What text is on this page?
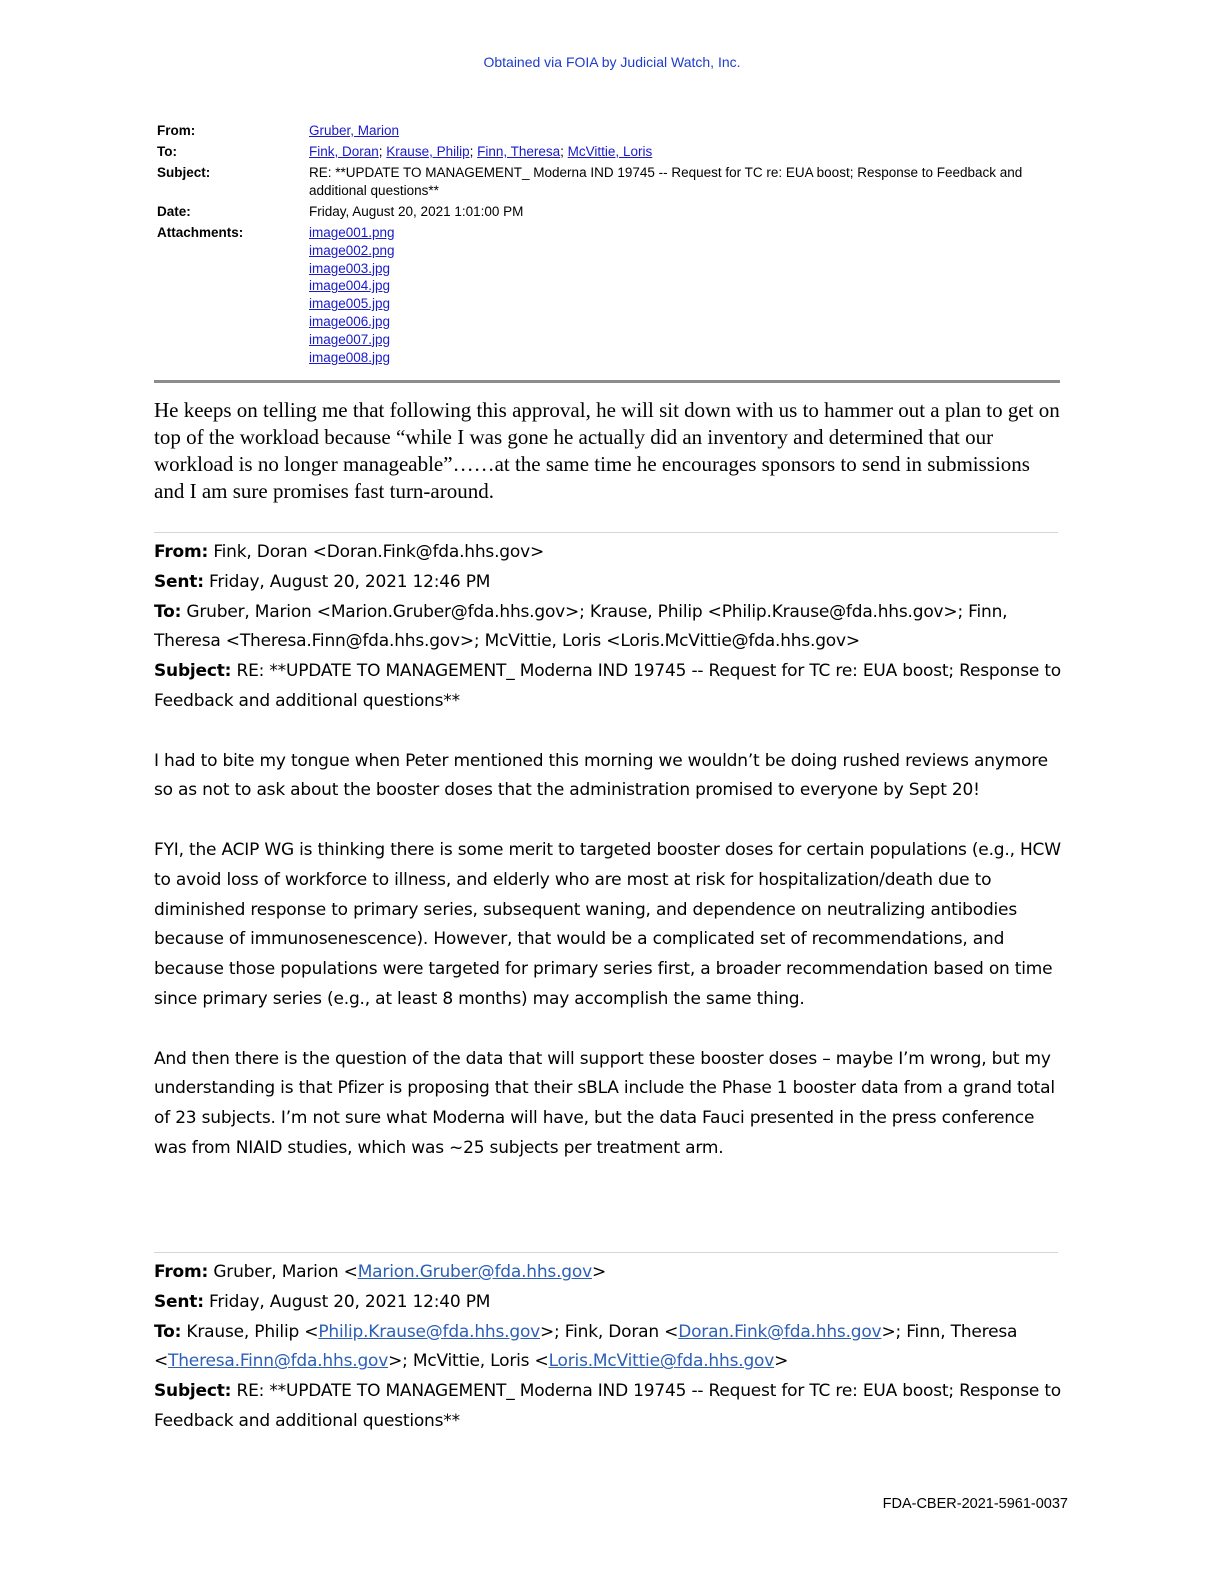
Obtained via FOIA by Judicial Watch, Inc.
From:	Gruber, Marion
To:	Fink, Doran; Krause, Philip; Finn, Theresa; McVittie, Loris
Subject:	RE: **UPDATE TO MANAGEMENT_ Moderna IND 19745 -- Request for TC re: EUA boost; Response to Feedback and additional questions**
Date:	Friday, August 20, 2021 1:01:00 PM
Attachments:	image001.png
image002.png
image003.jpg
image004.jpg
image005.jpg
image006.jpg
image007.jpg
image008.jpg
He keeps on telling me that following this approval, he will sit down with us to hammer out a plan to get on top of the workload because “while I was gone he actually did an inventory and determined that our workload is no longer manageable”……at the same time he encourages sponsors to send in submissions and I am sure promises fast turn-around.
From: Fink, Doran <Doran.Fink@fda.hhs.gov>
Sent: Friday, August 20, 2021 12:46 PM
To: Gruber, Marion <Marion.Gruber@fda.hhs.gov>; Krause, Philip <Philip.Krause@fda.hhs.gov>; Finn, Theresa <Theresa.Finn@fda.hhs.gov>; McVittie, Loris <Loris.McVittie@fda.hhs.gov>
Subject: RE: **UPDATE TO MANAGEMENT_ Moderna IND 19745 -- Request for TC re: EUA boost; Response to Feedback and additional questions**

I had to bite my tongue when Peter mentioned this morning we wouldn’t be doing rushed reviews anymore so as not to ask about the booster doses that the administration promised to everyone by Sept 20!

FYI, the ACIP WG is thinking there is some merit to targeted booster doses for certain populations (e.g., HCW to avoid loss of workforce to illness, and elderly who are most at risk for hospitalization/death due to diminished response to primary series, subsequent waning, and dependence on neutralizing antibodies because of immunosenescence). However, that would be a complicated set of recommendations, and because those populations were targeted for primary series first, a broader recommendation based on time since primary series (e.g., at least 8 months) may accomplish the same thing.

And then there is the question of the data that will support these booster doses – maybe I’m wrong, but my understanding is that Pfizer is proposing that their sBLA include the Phase 1 booster data from a grand total of 23 subjects. I’m not sure what Moderna will have, but the data Fauci presented in the press conference was from NIAID studies, which was ~25 subjects per treatment arm.

From: Gruber, Marion <Marion.Gruber@fda.hhs.gov>
Sent: Friday, August 20, 2021 12:40 PM
To: Krause, Philip <Philip.Krause@fda.hhs.gov>; Fink, Doran <Doran.Fink@fda.hhs.gov>; Finn, Theresa <Theresa.Finn@fda.hhs.gov>; McVittie, Loris <Loris.McVittie@fda.hhs.gov>
Subject: RE: **UPDATE TO MANAGEMENT_ Moderna IND 19745 -- Request for TC re: EUA boost; Response to Feedback and additional questions**
FDA-CBER-2021-5961-0037
